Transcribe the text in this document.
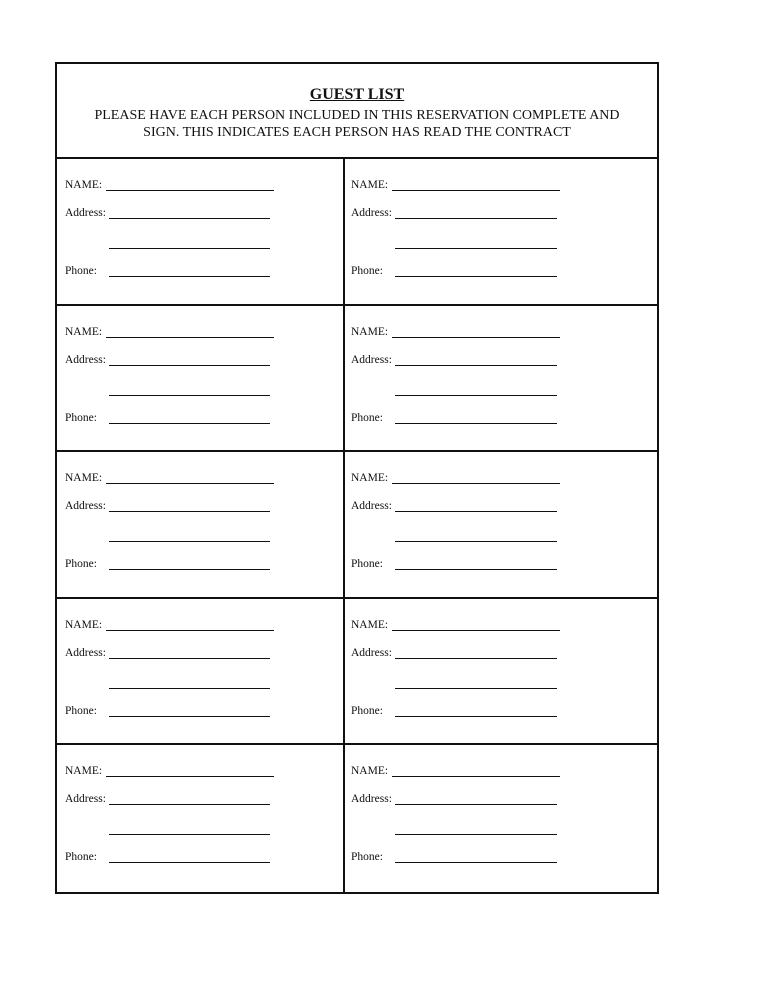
GUEST LIST
PLEASE HAVE EACH PERSON INCLUDED IN THIS RESERVATION COMPLETE AND
SIGN. THIS INDICATES EACH PERSON HAS READ THE CONTRACT
NAME:
Address:
Phone:
NAME:
Address:
Phone:
NAME:
Address:
Phone:
NAME:
Address:
Phone:
NAME:
Address:
Phone:
NAME:
Address:
Phone:
NAME:
Address:
Phone:
NAME:
Address:
Phone:
NAME:
Address:
Phone:
NAME:
Address:
Phone:
